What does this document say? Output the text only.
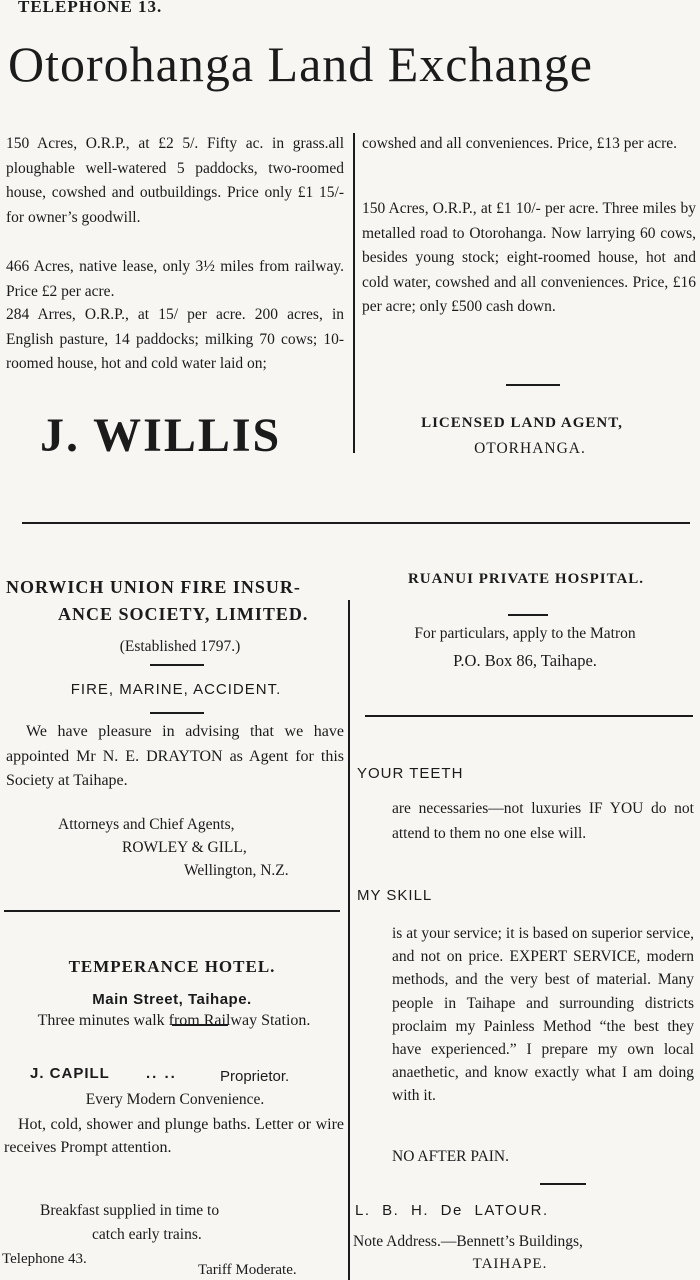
TELEPHONE 13.
Otorohanga Land Exchange
150 Acres, O.R.P., at £2 5/. Fifty ac. in grass.all ploughable well-watered 5 paddocks, two-roomed house, cowshed and outbuildings. Price only £1 15/- for owner’s goodwill.
466 Acres, native lease, only 3½ miles from railway. Price £2 per acre.
284 Arres, O.R.P., at 15/ per acre. 200 acres, in English pasture, 14 paddocks; milking 70 cows; 10-roomed house, hot and cold water laid on;
cowshed and all conveniences. Price, £13 per acre.
150 Acres, O.R.P., at £1 10/- per acre. Three miles by metalled road to Otorohanga. Now larrying 60 cows, besides young stock; eight-roomed house, hot and cold water, cowshed and all conveniences. Price, £16 per acre; only £500 cash down.
J. WILLIS	LICENSED LAND AGENT,
OTORHANGA.
NORWICH UNION FIRE INSUR-
ANCE SOCIETY, LIMITED.
(Established 1797.)
FIRE, MARINE, ACCIDENT.
We have pleasure in advising that we have appointed Mr N. E. DRAYTON as Agent for this Society at Taihape.
Attorneys and Chief Agents,
ROWLEY & GILL,
Wellington, N.Z.
RUANUI PRIVATE HOSPITAL.
For particulars, apply to the Matron
P.O. Box 86, Taihape.
YOUR TEETH
are necessaries—not luxuries IF YOU do not attend to them no one else will.
MY SKILL
is at your service; it is based on superior service, and not on price. EXPERT SERVICE, modern methods, and the very best of material. Many people in Taihape and surrounding districts proclaim my Painless Method “the best they have experienced.” I prepare my own local anaethetic, and know exactly what I am doing with it.
NO AFTER PAIN.
L. B. H. De LATOUR.
Note Address.—Bennett’s Buildings,
TAIHAPE.
TEMPERANCE HOTEL.
Main Street, Taihape.
Three minutes walk from Railway Station.
J. CAPILL .. ..	Proprietor.
Every Modern Convenience.
Hot, cold, shower and plunge baths. Letter or wire receives Prompt attention.
Breakfast supplied in time to
catch early trains.
Telephone 43.
Tariff Moderate.
